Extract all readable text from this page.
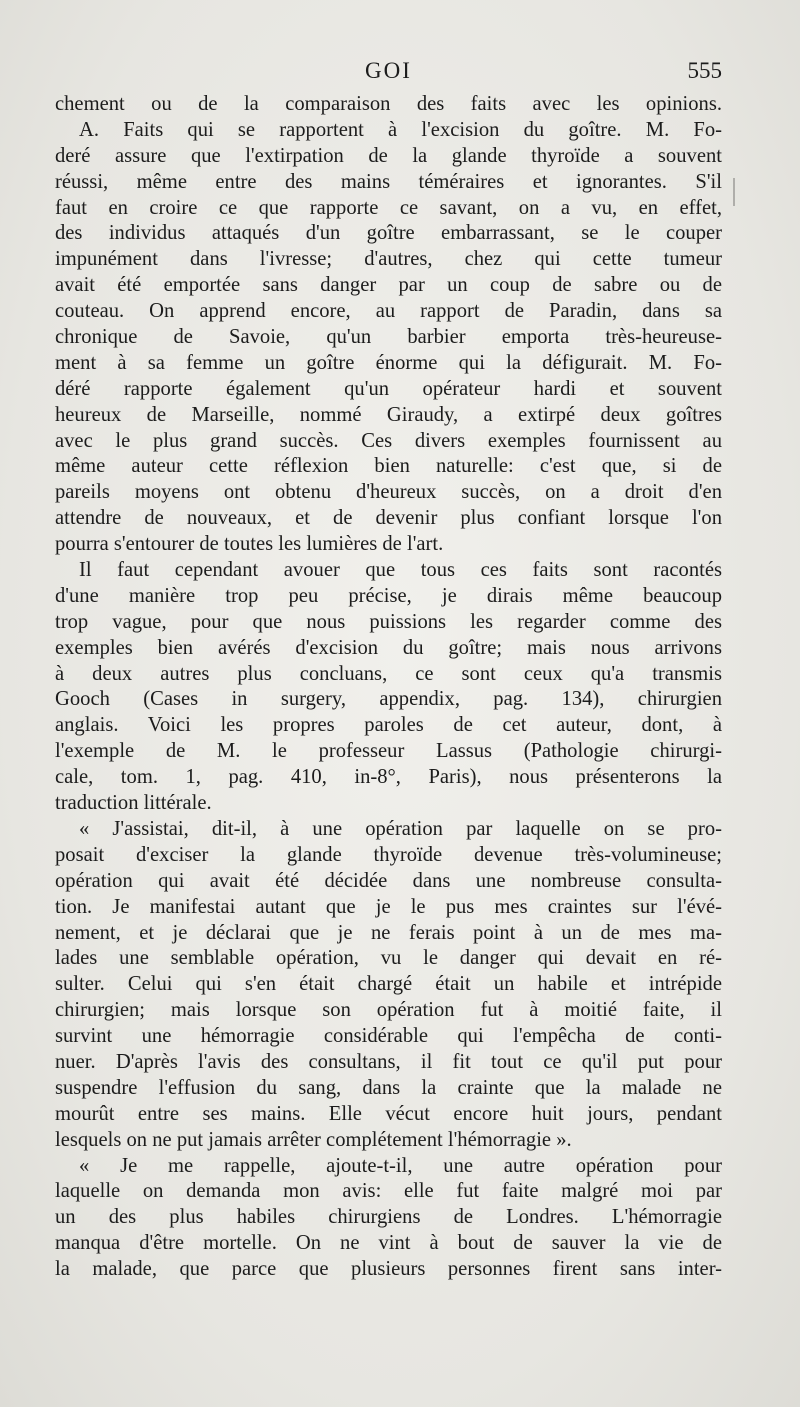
GOI	555
chement ou de la comparaison des faits avec les opinions.
A. Faits qui se rapportent à l'excision du goître. M. Fo-
deré assure que l'extirpation de la glande thyroïde a souvent
réussi, même entre des mains téméraires et ignorantes. S'il
faut en croire ce que rapporte ce savant, on a vu, en effet,
des individus attaqués d'un goître embarrassant, se le couper
impunément dans l'ivresse; d'autres, chez qui cette tumeur
avait été emportée sans danger par un coup de sabre ou de
couteau. On apprend encore, au rapport de Paradin, dans sa
chronique de Savoie, qu'un barbier emporta très-heureuse-
ment à sa femme un goître énorme qui la défigurait. M. Fo-
déré rapporte également qu'un opérateur hardi et souvent
heureux de Marseille, nommé Giraudy, a extirpé deux goîtres
avec le plus grand succès. Ces divers exemples fournissent au
même auteur cette réflexion bien naturelle: c'est que, si de
pareils moyens ont obtenu d'heureux succès, on a droit d'en
attendre de nouveaux, et de devenir plus confiant lorsque l'on
pourra s'entourer de toutes les lumières de l'art.
Il faut cependant avouer que tous ces faits sont racontés
d'une manière trop peu précise, je dirais même beaucoup
trop vague, pour que nous puissions les regarder comme des
exemples bien avérés d'excision du goître; mais nous arrivons
à deux autres plus concluans, ce sont ceux qu'a transmis
Gooch (Cases in surgery, appendix, pag. 134), chirurgien
anglais. Voici les propres paroles de cet auteur, dont, à
l'exemple de M. le professeur Lassus (Pathologie chirurgi-
cale, tom. 1, pag. 410, in-8°, Paris), nous présenterons la
traduction littérale.
« J'assistai, dit-il, à une opération par laquelle on se pro-
posait d'exciser la glande thyroïde devenue très-volumineuse;
opération qui avait été décidée dans une nombreuse consulta-
tion. Je manifestai autant que je le pus mes craintes sur l'évé-
nement, et je déclarai que je ne ferais point à un de mes ma-
lades une semblable opération, vu le danger qui devait en ré-
sulter. Celui qui s'en était chargé était un habile et intrépide
chirurgien; mais lorsque son opération fut à moitié faite, il
survint une hémorragie considérable qui l'empêcha de conti-
nuer. D'après l'avis des consultans, il fit tout ce qu'il put pour
suspendre l'effusion du sang, dans la crainte que la malade ne
mourût entre ses mains. Elle vécut encore huit jours, pendant
lesquels on ne put jamais arrêter complétement l'hémorragie ».
« Je me rappelle, ajoute-t-il, une autre opération pour
laquelle on demanda mon avis: elle fut faite malgré moi par
un des plus habiles chirurgiens de Londres. L'hémorragie
manqua d'être mortelle. On ne vint à bout de sauver la vie de
la malade, que parce que plusieurs personnes firent sans inter-
